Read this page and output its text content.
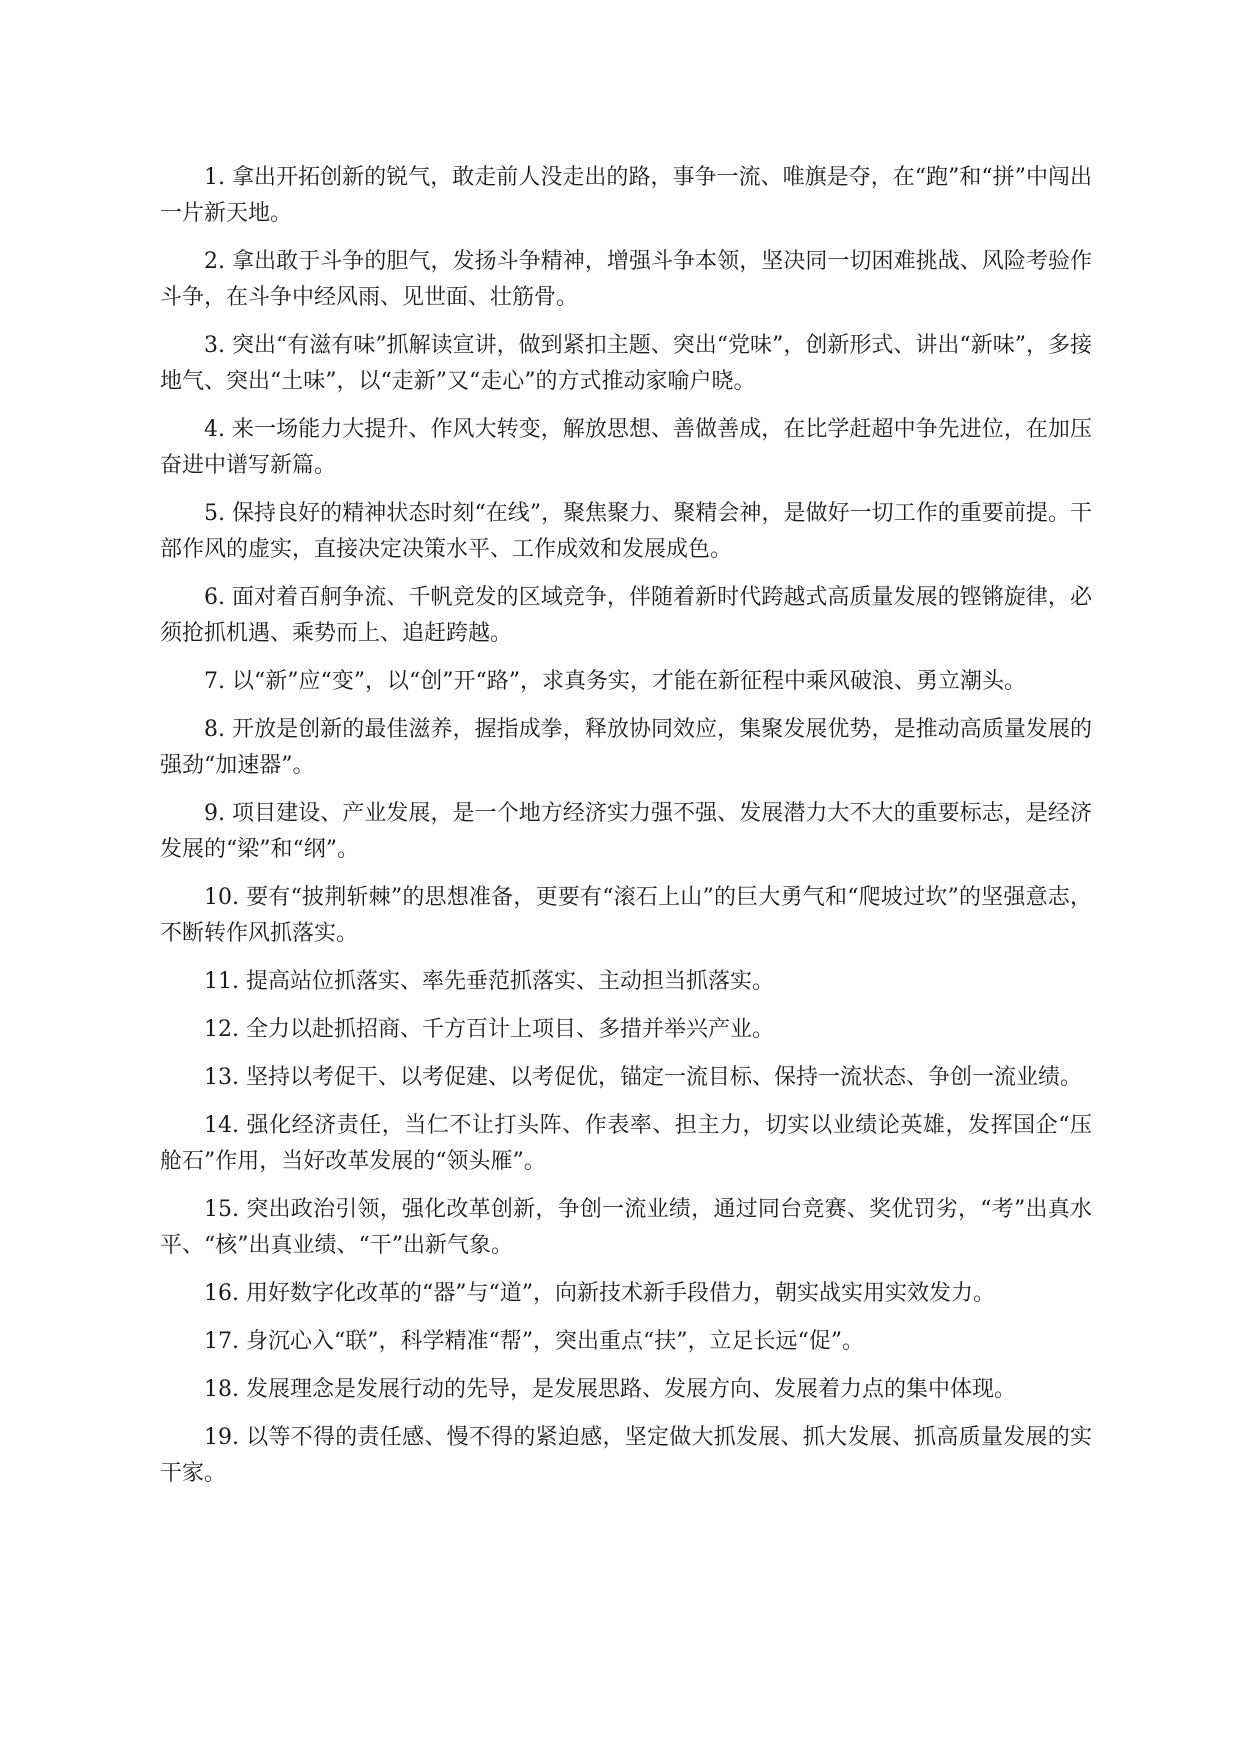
1. 拿出开拓创新的锐气，敢走前人没走出的路，事争一流、唯旗是夺，在“跑”和“拼”中闯出一片新天地。

2. 拿出敢于斗争的胆气，发扬斗争精神，增强斗争本领，坚决同一切困难挑战、风险考验作斗争，在斗争中经风雨、见世面、壮筋骨。

3. 突出“有滋有味”抓解读宣讲，做到紧扣主题、突出“党味”，创新形式、讲出“新味”，多接地气、突出“土味”，以“走新”又“走心”的方式推动家喻户晓。

4. 来一场能力大提升、作风大转变，解放思想、善做善成，在比学赶超中争先进位，在加压奋进中谱写新篇。

5. 保持良好的精神状态时刻“在线”，聚焦聚力、聚精会神，是做好一切工作的重要前提。干部作风的虚实，直接决定决策水平、工作成效和发展成色。

6. 面对着百舸争流、千帆竞发的区域竞争，伴随着新时代跨越式高质量发展的铿锵旋律，必须抢抓机遇、乘势而上、追赶跨越。

7. 以“新”应“变”，以“创”开“路”，求真务实，才能在新征程中乘风破浪、勇立潮头。

8. 开放是创新的最佳滋养，握指成拳，释放协同效应，集聚发展优势，是推动高质量发展的强劲“加速器”。

9. 项目建设、产业发展，是一个地方经济实力强不强、发展潜力大不大的重要标志，是经济发展的“梁”和“纲”。

10. 要有“披荆斩棘”的思想准备，更要有“滚石上山”的巨大勇气和“爬坡过坎”的坚强意志，不断转作风抓落实。

11. 提高站位抓落实、率先垂范抓落实、主动担当抓落实。

12. 全力以赴抓招商、千方百计上项目、多措并举兴产业。

13. 坚持以考促干、以考促建、以考促优，锚定一流目标、保持一流状态、争创一流业绩。

14. 强化经济责任，当仁不让打头阵、作表率、担主力，切实以业绩论英雄，发挥国企“压舱石”作用，当好改革发展的“领头雁”。

15. 突出政治引领，强化改革创新，争创一流业绩，通过同台竞赛、奖优罚劣，“考”出真水平、“核”出真业绩、“干”出新气象。

16. 用好数字化改革的“器”与“道”，向新技术新手段借力，朝实战实用实效发力。

17. 身沉心入“联”，科学精准“帮”，突出重点“扶”，立足长远“促”。

18. 发展理念是发展行动的先导，是发展思路、发展方向、发展着力点的集中体现。

19. 以等不得的责任感、慢不得的紧迫感，坚定做大抓发展、抓大发展、抓高质量发展的实干家。
